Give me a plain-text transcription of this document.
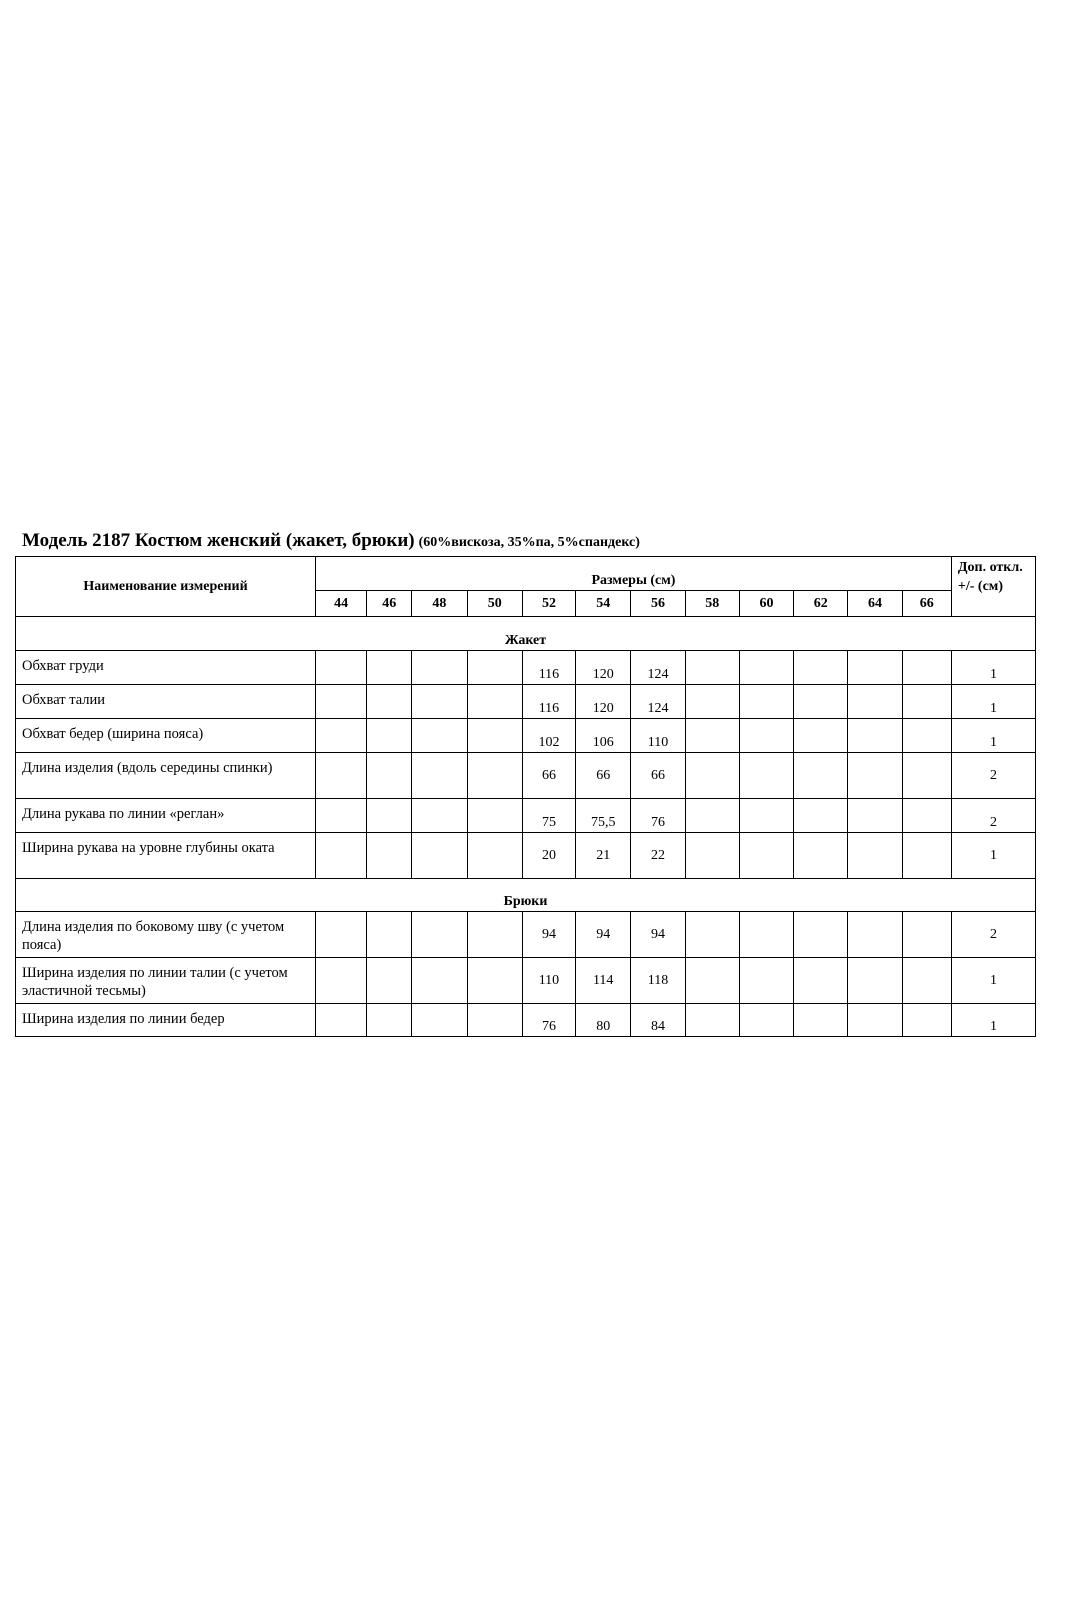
Модель 2187 Костюм женский (жакет, брюки) (60%вискоза, 35%па, 5%спандекс)
Наименование измерений	Размеры (см)												Доп. откл. +/- (см)
	44	46	48	50	52	54	56	58	60	62	64	66	
Жакет													
Обхват груди					116	120	124						1
Обхват талии					116	120	124						1
Обхват бедер (ширина пояса)					102	106	110						1
Длина изделия (вдоль середины спинки)					66	66	66						2
Длина рукава по линии «реглан»					75	75,5	76						2
Ширина рукава на уровне глубины оката					20	21	22						1
Брюки													
Длина изделия по боковому шву (с учетом пояса)					94	94	94						2
Ширина изделия по линии талии (с учетом эластичной тесьмы)					110	114	118						1
Ширина изделия по линии бедер					76	80	84						1
